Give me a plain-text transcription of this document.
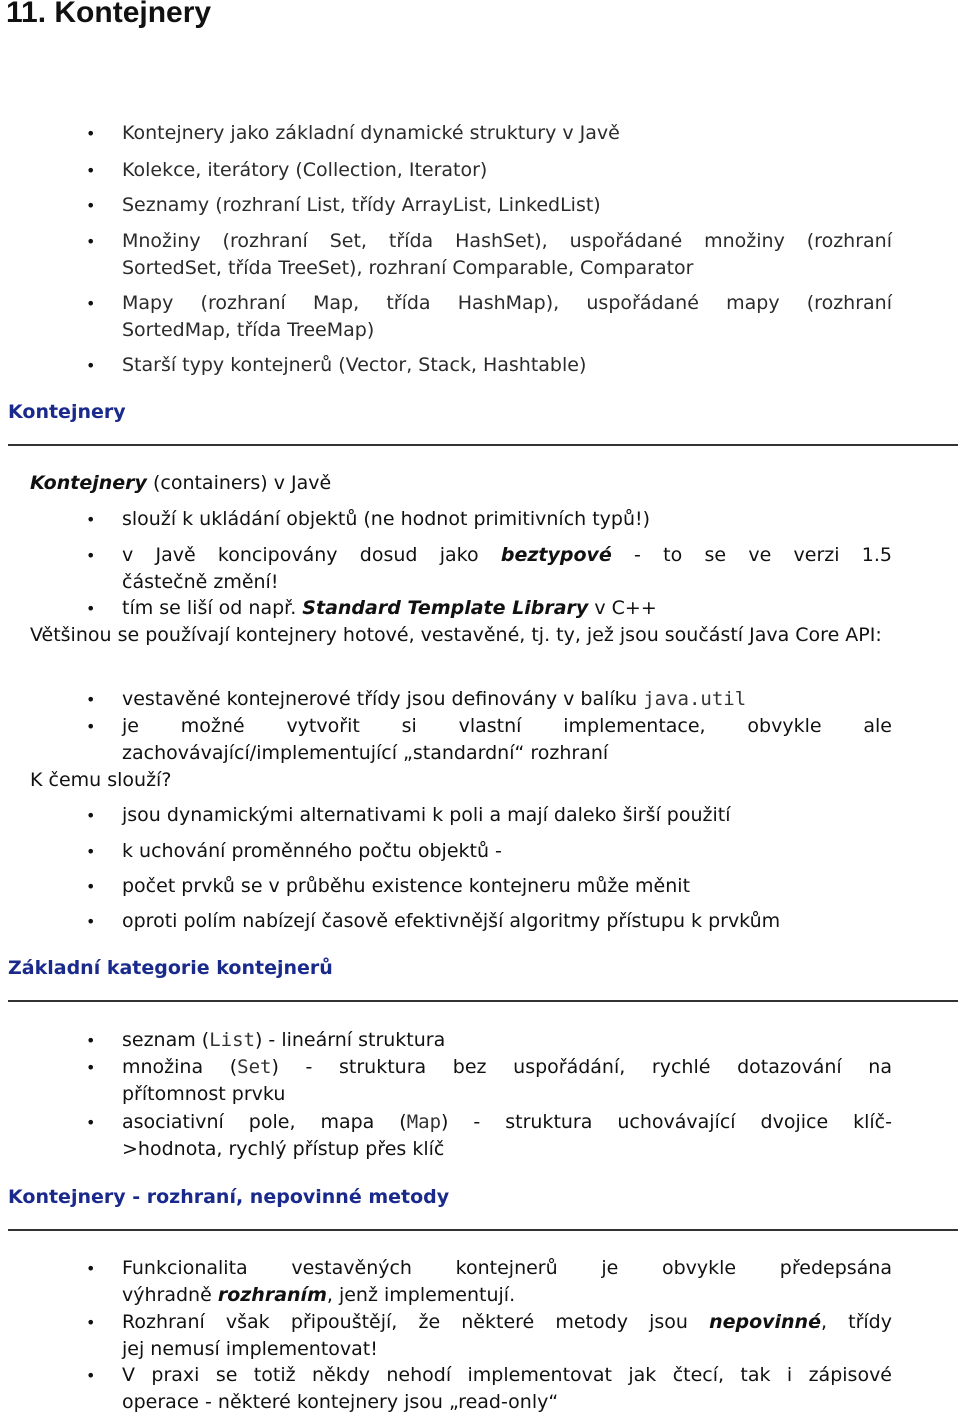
11. Kontejnery
• Kontejnery jako základní dynamické struktury v Javě
• Kolekce, iterátory (Collection, Iterator)
• Seznamy (rozhraní List, třídy ArrayList, LinkedList)
• Množiny (rozhraní Set, třída HashSet), uspořádané množiny (rozhraní
SortedSet, třída TreeSet), rozhraní Comparable, Comparator
• Mapy (rozhraní Map, třída HashMap), uspořádané mapy (rozhraní
SortedMap, třída TreeMap)
• Starší typy kontejnerů (Vector, Stack, Hashtable)
Kontejnery
Kontejnery (containers) v Javě
• slouží k ukládání objektů (ne hodnot primitivních typů!)
• v Javě koncipovány dosud jako beztypové - to se ve verzi 1.5
částečně změní!
• tím se liší od např. Standard Template Library v C++
Většinou se používají kontejnery hotové, vestavěné, tj. ty, jež jsou součástí Java Core API:
• vestavěné kontejnerové třídy jsou definovány v balíku java.util
• je možné vytvořit si vlastní implementace, obvykle ale
zachovávající/implementující „standardní“ rozhraní
K čemu slouží?
• jsou dynamickými alternativami k poli a mají daleko širší použití
• k uchování proměnného počtu objektů -
• počet prvků se v průběhu existence kontejneru může měnit
• oproti polím nabízejí časově efektivnější algoritmy přístupu k prvkům
Základní kategorie kontejnerů
• seznam (List) - lineární struktura
• množina (Set) - struktura bez uspořádání, rychlé dotazování na
přítomnost prvku
• asociativní pole, mapa (Map) - struktura uchovávající dvojice klíč-
>hodnota, rychlý přístup přes klíč
Kontejnery - rozhraní, nepovinné metody
• Funkcionalita vestavěných kontejnerů je obvykle předepsána
výhradně rozhraním, jenž implementují.
• Rozhraní však připouštějí, že některé metody jsou nepovinné, třídy
jej nemusí implementovat!
• V praxi se totiž někdy nehodí implementovat jak čtecí, tak i zápisové
operace - některé kontejnery jsou „read-only“
